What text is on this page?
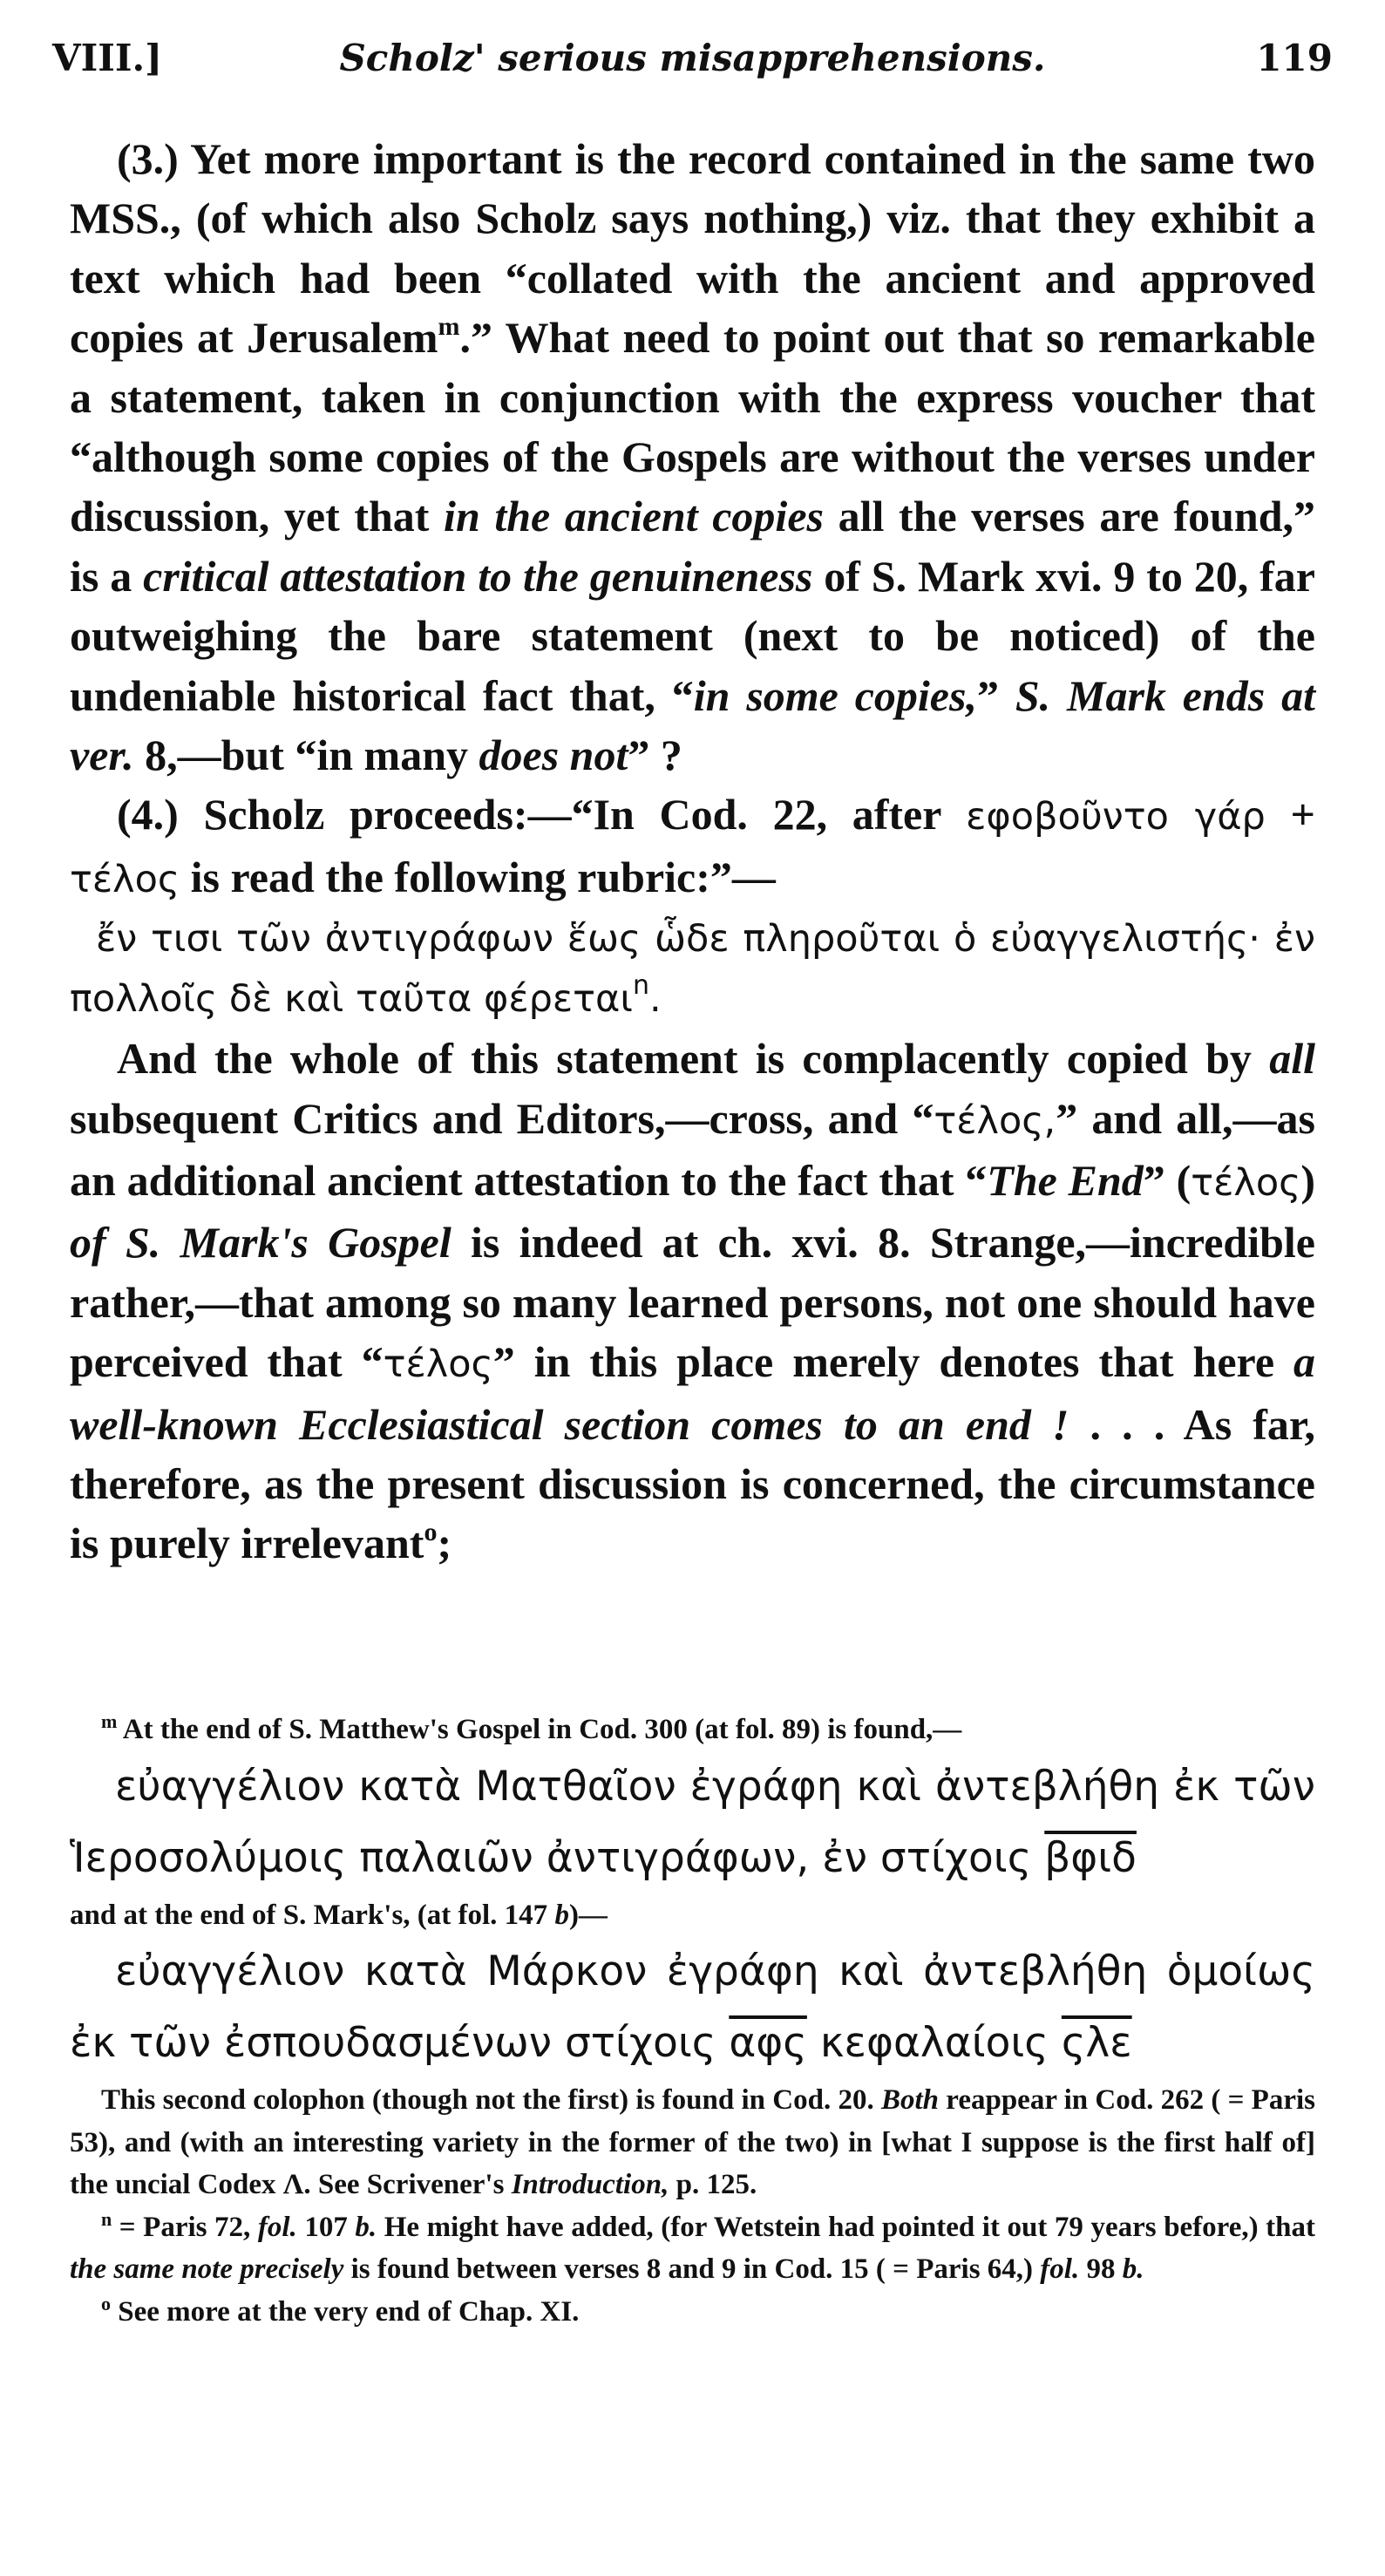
Scholz' serious misapprehensions.
VIII.]	119

(3.) Yet more important is the record contained in the same two MSS., (of which also Scholz says nothing,) viz. that they exhibit a text which had been “collated with the ancient and approved copies at Jerusalem$^m$.” What need to point out that so remarkable a statement, taken in conjunction with the express voucher that “although some copies of the Gospels are without the verses under discussion, yet that in the ancient copies all the verses are found,” is a critical attestation to the genuineness of S. Mark xvi. 9 to 20, far outweighing the bare statement (next to be noticed) of the undeniable historical fact that, “in some copies,” S. Mark ends at ver. 8,—but “in many does not” ?

(4.) Scholz proceeds:—“In Cod. 22, after εφοβοῦντο γάρ + τέλος is read the following rubric:”—

ἔν τισι τῶν ἀντιγράφων ἕως ὧδε πληροῦται ὁ εὐαγγελιστής· ἐν πολλοῖς δὲ καὶ ταῦτα φέρεται$^n$.

And the whole of this statement is complacently copied by all subsequent Critics and Editors,—cross, and “τέλος,” and all,—as an additional ancient attestation to the fact that “The End” (τέλος) of S. Mark's Gospel is indeed at ch. xvi. 8. Strange,—incredible rather,—that among so many learned persons, not one should have perceived that “τέλος” in this place merely denotes that here a well-known Ecclesiastical section comes to an end ! . . . As far, therefore, as the present discussion is concerned, the circumstance is purely irrelevant$^o$;

$^m$ At the end of S. Matthew's Gospel in Cod. 300 (at fol. 89) is found,—

εὐαγγέλιον κατὰ Ματθαῖον ἐγράφη καὶ ἀντεβλήθη ἐκ τῶν Ἱεροσολύμοις παλαιῶν ἀντιγράφων, ἐν στίχοις βφιδ

and at the end of S. Mark's, (at fol. 147 b)—

εὐαγγέλιον κατὰ Μάρκον ἐγράφη καὶ ἀντεβλήθη ὁμοίως ἐκ τῶν ἐσπουδασμένων στίχοις $\overline{\alpha\varphi\varsigma}$ κεφαλαίοις $\overline{\varsigma\lambda\varepsilon}$

This second colophon (though not the first) is found in Cod. 20. Both reappear in Cod. 262 ( = Paris 53), and (with an interesting variety in the former of the two) in [what I suppose is the first half of] the uncial Codex Λ. See Scrivener's Introduction, p. 125.

$^n$ = Paris 72, fol. 107 b. He might have added, (for Wetstein had pointed it out 79 years before,) that the same note precisely is found between verses 8 and 9 in Cod. 15 ( = Paris 64,) fol. 98 b.

$^o$ See more at the very end of Chap. XI.
